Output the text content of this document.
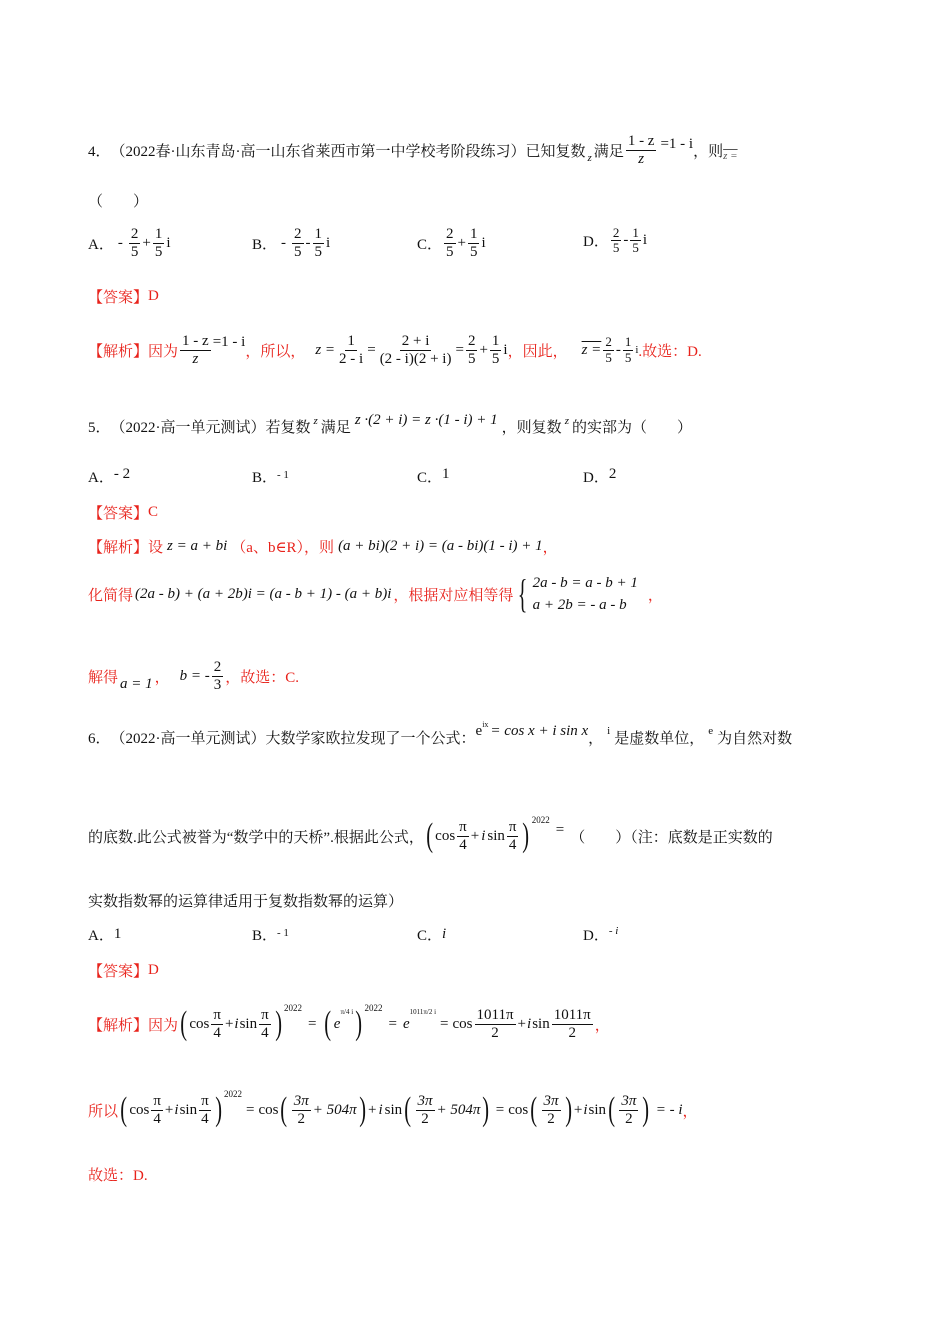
4． （2022春·山东青岛·高一山东省莱西市第一中学校考阶段练习）已知复数 z 满足 $\frac{1 - z}{z} =1 - i$ ，则 z =
（　　）
A． - $\frac{2}{5} + \frac{1}{5}$ i	B． - $\frac{2}{5} - \frac{1}{5}$ i	C． $\frac{2}{5} + \frac{1}{5}$ i	D． $\frac{2}{5} - \frac{1}{5}$ i
【答案】 D
【解析】 因为 $\frac{1 - z}{z} =1 - i$
，所以， $z = \frac{1}{2 - i} = \frac{2 + i}{(2 - i)(2 + i)} = \frac{2}{5} + \frac{1}{5}$ i ，因此， $z = \frac{2}{5} - \frac{1}{5}$ i .故选：D.
5． （2022·高一单元测试）若复数 z 满足 z ·(2 + i) = z ·(1 - i) + 1 ，则复数 z 的实部为（　　）
A． - 2	B． - 1	C． 1	D． 2
【答案】 C
【解析】 设 z = a + bi （a、b∈R），则 (a + bi)(2 + i) = (a - bi)(1 - i) + 1 ，
化简得 (2a - b) + (a + 2b)i = (a - b + 1) - (a + b)i ，根据对应相等得 { 2a - b = a - b + 1
a + 2b = - a - b
，
解得 a = 1 ， b = - $\frac{2}{3}$ ，故选：C.
6． （2022·高一单元测试）大数学家欧拉发现了一个公式： e ix = cos x + i sin x ， i 是虚数单位， e 为自然对数
的底数.此公式被誉为“数学中的天桥”.根据此公式， ( $\cos \frac{\pi}{4} + i$ $\sin \frac{\pi}{4}$ ) 2022
= （　　）（注：底数是正实数的
实数指数幂的运算律适用于复数指数幂的运算）
A． 1	B． - 1	C． i	D． - i
【答案】 D
【解析】 因为 ( $\cos \frac{\pi}{4} + i$ $\sin \frac{\pi}{4}$ ) 2022
= ( e
π/4 i ) 2022
= e
1011π/2 i
= $\cos \frac{1011\pi}{2} + i$ $\sin \frac{1011\pi}{2}$ ，
所以 ( $\cos \frac{\pi}{4} + i$ $\sin \frac{\pi}{4}$ ) 2022
= cos ( $\frac{3\pi}{2} + 504\pi$ ) + i sin ( $\frac{3\pi}{2} + 504\pi$ ) = cos ( $\frac{3\pi}{2}$ ) + i sin ( $\frac{3\pi}{2}$ ) = - i ，
故选：D.
